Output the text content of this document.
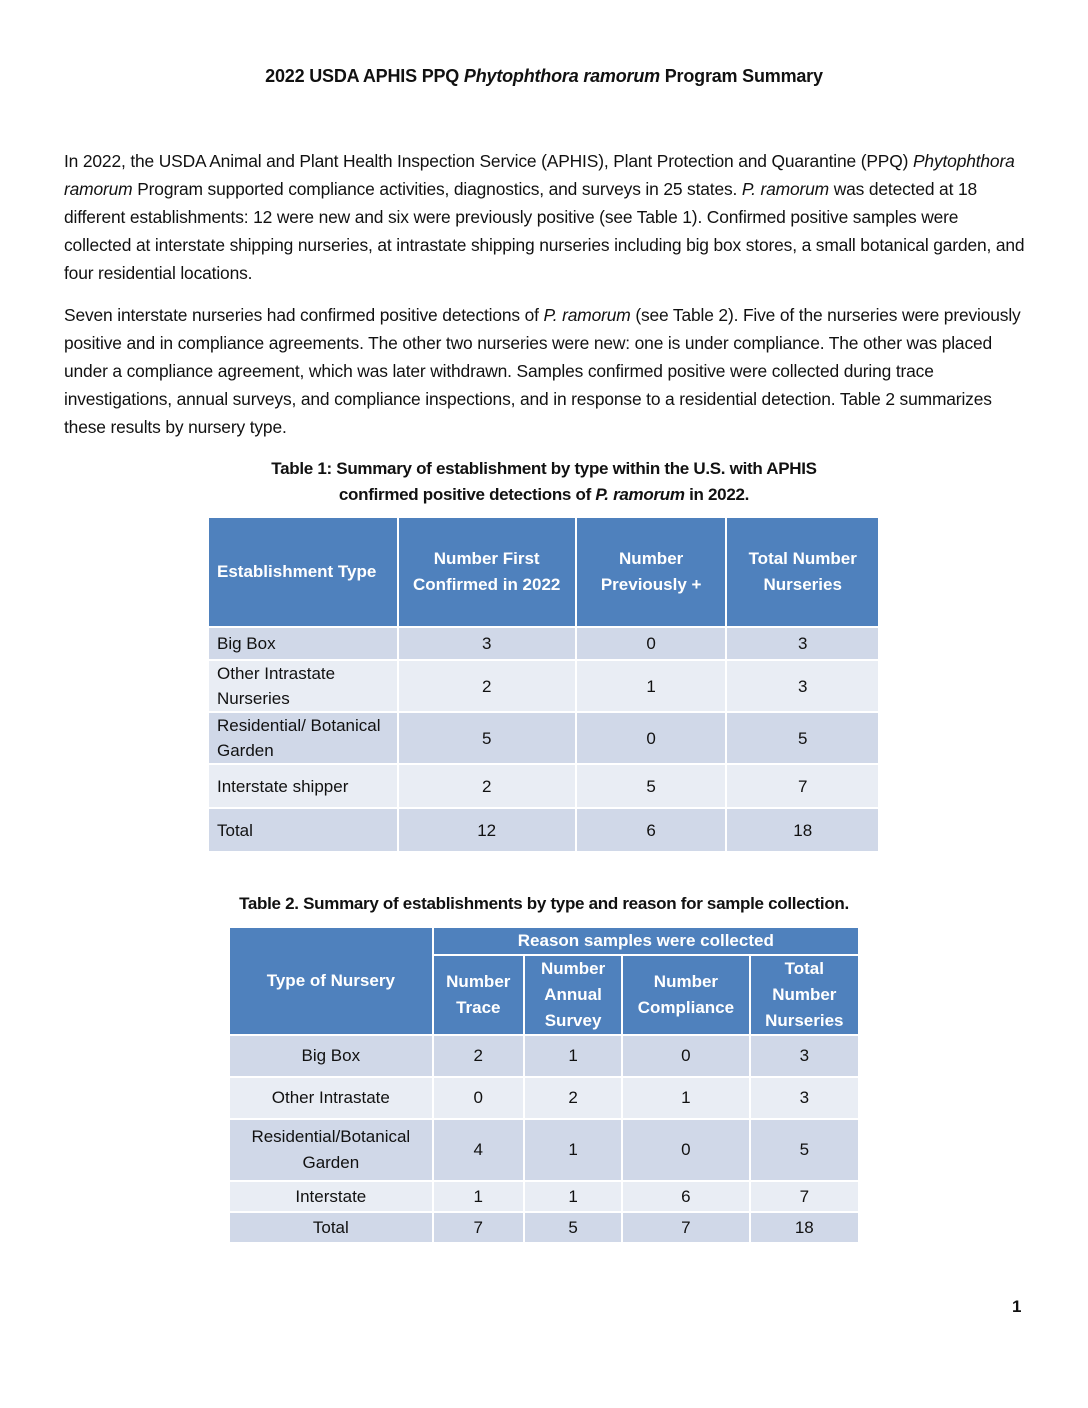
2022 USDA APHIS PPQ Phytophthora ramorum Program Summary
In 2022, the USDA Animal and Plant Health Inspection Service (APHIS), Plant Protection and Quarantine (PPQ) Phytophthora ramorum Program supported compliance activities, diagnostics, and surveys in 25 states. P. ramorum was detected at 18 different establishments: 12 were new and six were previously positive (see Table 1). Confirmed positive samples were collected at interstate shipping nurseries, at intrastate shipping nurseries including big box stores, a small botanical garden, and four residential locations.
Seven interstate nurseries had confirmed positive detections of P. ramorum (see Table 2). Five of the nurseries were previously positive and in compliance agreements. The other two nurseries were new: one is under compliance. The other was placed under a compliance agreement, which was later withdrawn. Samples confirmed positive were collected during trace investigations, annual surveys, and compliance inspections, and in response to a residential detection. Table 2 summarizes these results by nursery type.
Table 1: Summary of establishment by type within the U.S. with APHIS
confirmed positive detections of P. ramorum in 2022.
Establishment Type	Number First Confirmed in 2022	Number Previously +	Total Number Nurseries
Big Box	3	0	3
Other Intrastate Nurseries	2	1	3
Residential/ Botanical Garden	5	0	5
Interstate shipper	2	5	7
Total	12	6	18
Table 2. Summary of establishments by type and reason for sample collection.
Type of Nursery	Reason samples were collected			
	Number Trace	Number Annual Survey	Number Compliance	Total Number Nurseries
Big Box	2	1	0	3
Other Intrastate	0	2	1	3
Residential/Botanical Garden	4	1	0	5
Interstate	1	1	6	7
Total	7	5	7	18
1
